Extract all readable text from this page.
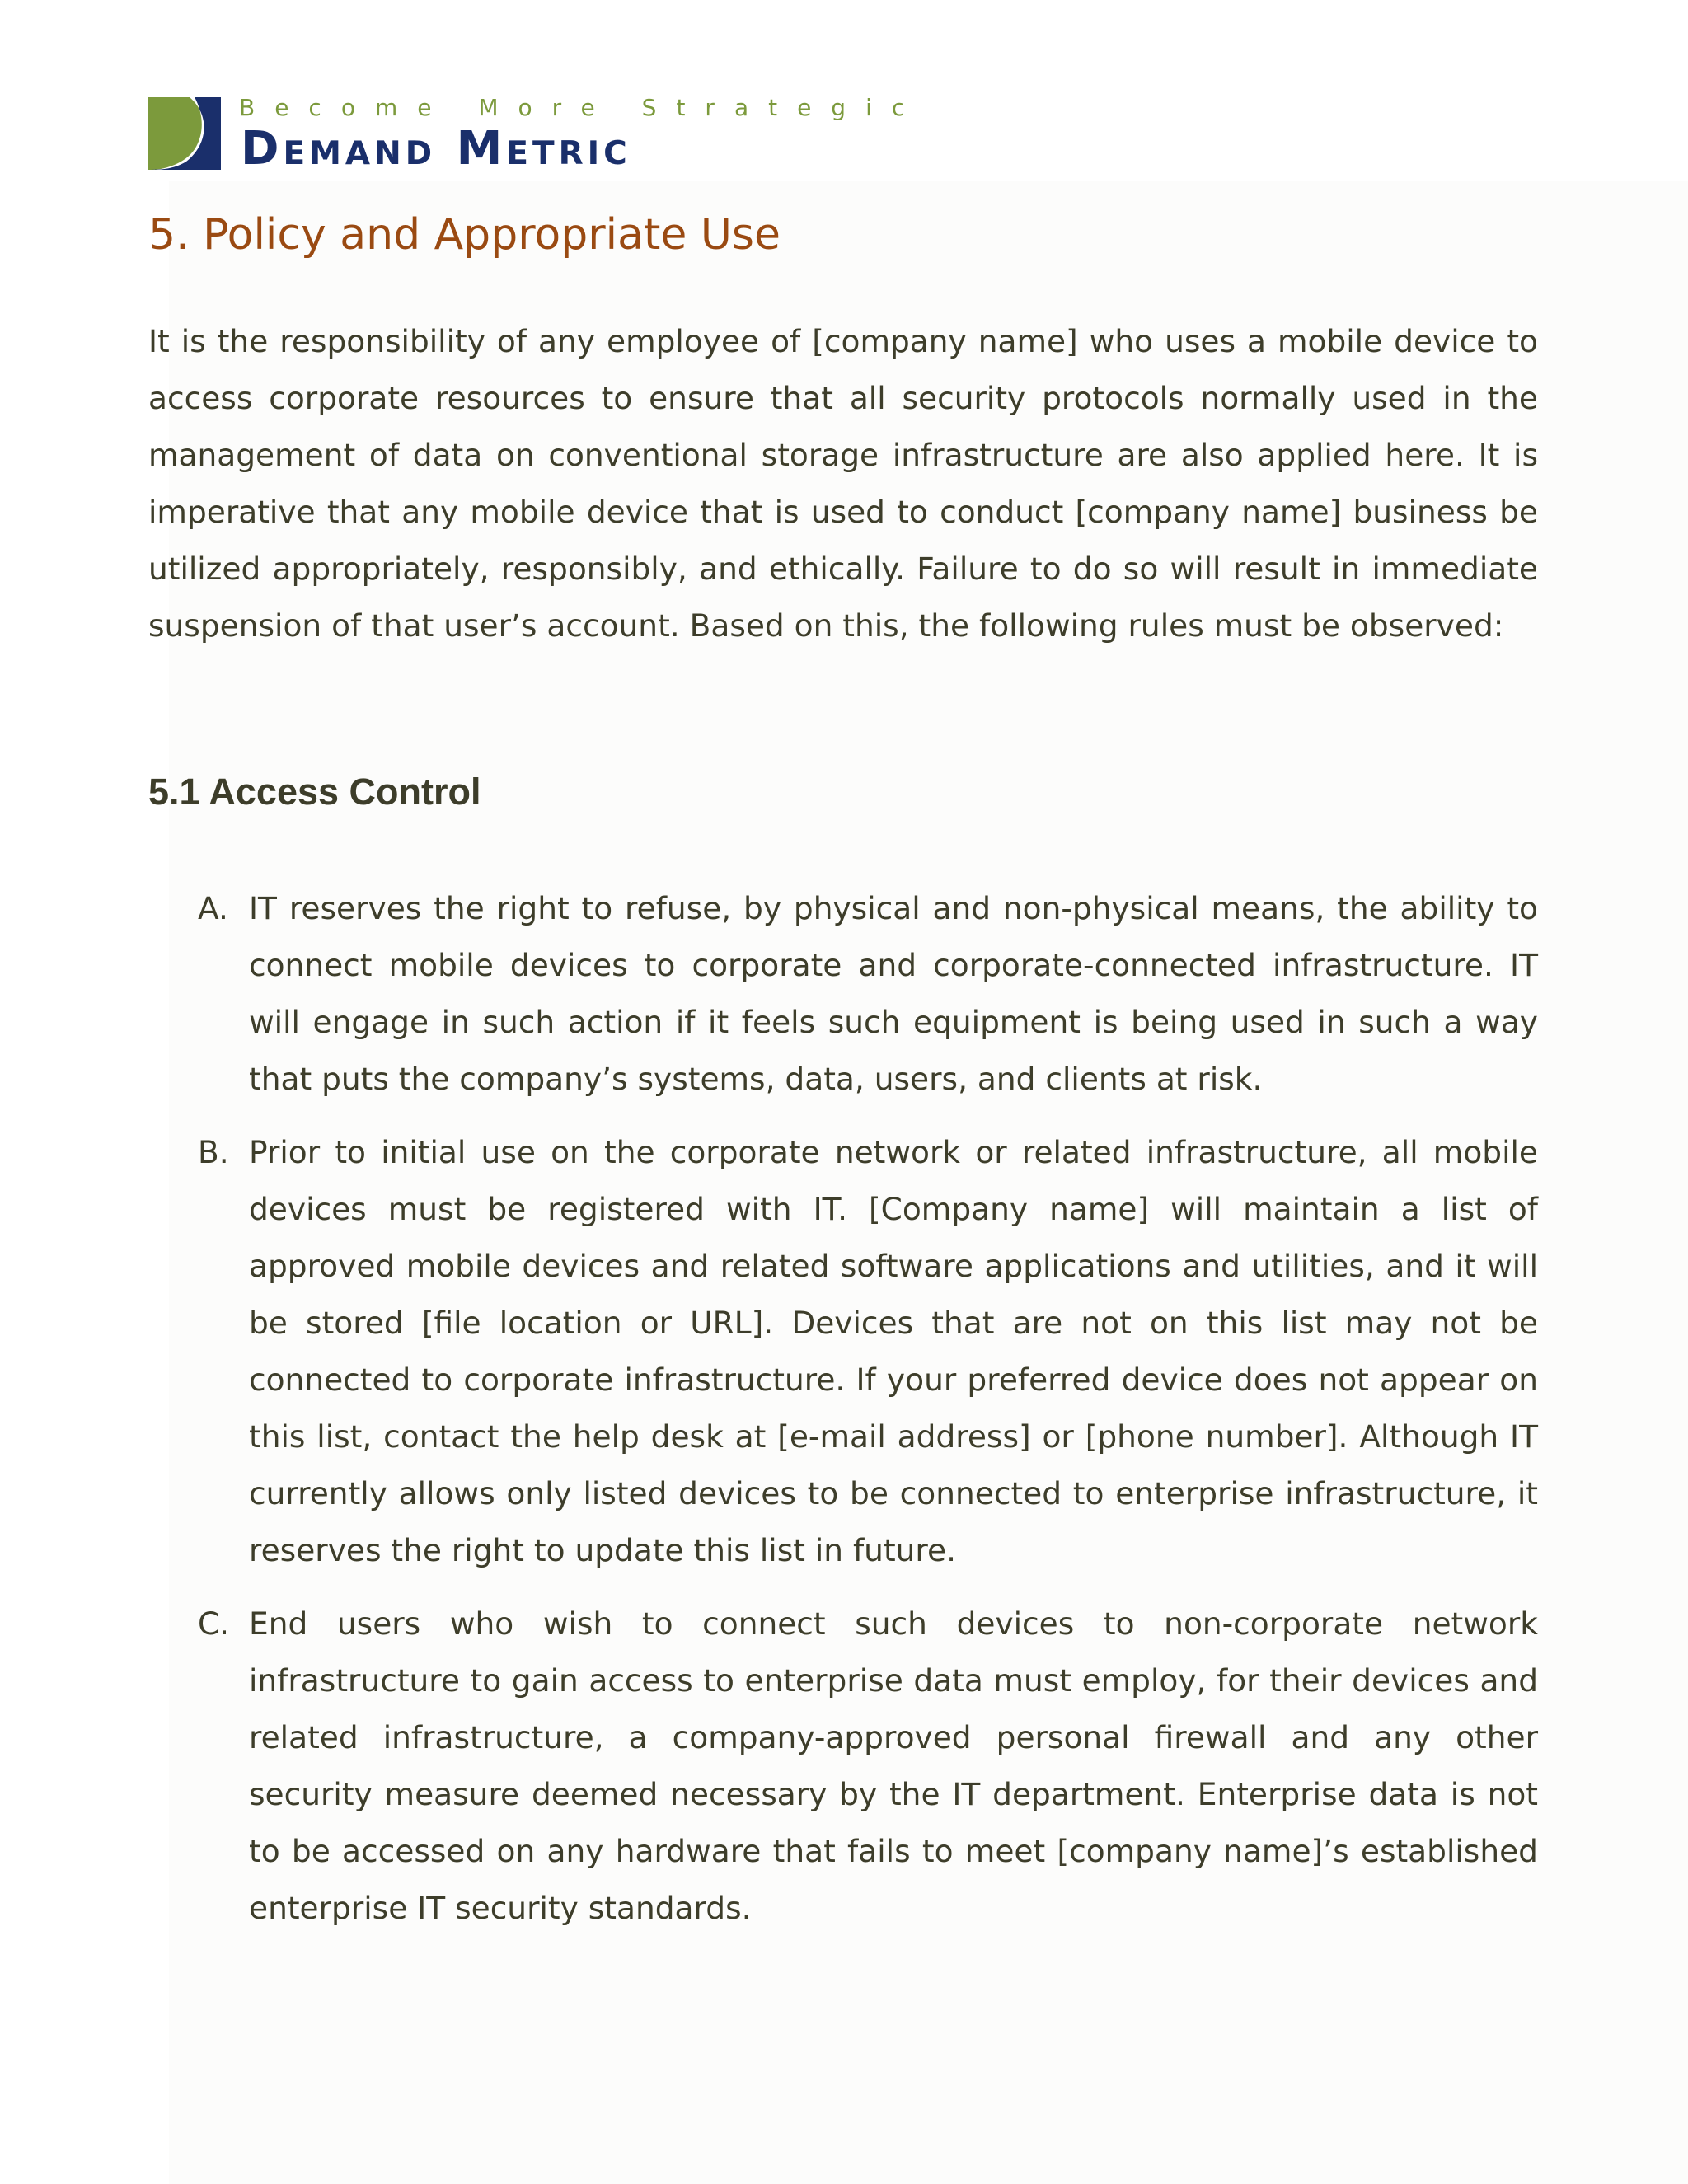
Become More Strategic
Demand Metric
5. Policy and Appropriate Use

It is the responsibility of any employee of [company name] who uses a mobile device to access corporate resources to ensure that all security protocols normally used in the management of data on conventional storage infrastructure are also applied here. It is imperative that any mobile device that is used to conduct [company name] business be utilized appropriately, responsibly, and ethically. Failure to do so will result in immediate suspension of that user’s account. Based on this, the following rules must be observed:

5.1 Access Control
A. IT reserves the right to refuse, by physical and non-physical means, the ability to connect mobile devices to corporate and corporate-connected infrastructure. IT will engage in such action if it feels such equipment is being used in such a way that puts the company’s systems, data, users, and clients at risk.
B. Prior to initial use on the corporate network or related infrastructure, all mobile devices must be registered with IT. [Company name] will maintain a list of approved mobile devices and related software applications and utilities, and it will be stored [file location or URL]. Devices that are not on this list may not be connected to corporate infrastructure. If your preferred device does not appear on this list, contact the help desk at [e-mail address] or [phone number]. Although IT currently allows only listed devices to be connected to enterprise infrastructure, it reserves the right to update this list in future.
C. End users who wish to connect such devices to non-corporate network infrastructure to gain access to enterprise data must employ, for their devices and related infrastructure, a company-approved personal firewall and any other security measure deemed necessary by the IT department. Enterprise data is not to be accessed on any hardware that fails to meet [company name]’s established enterprise IT security standards.
